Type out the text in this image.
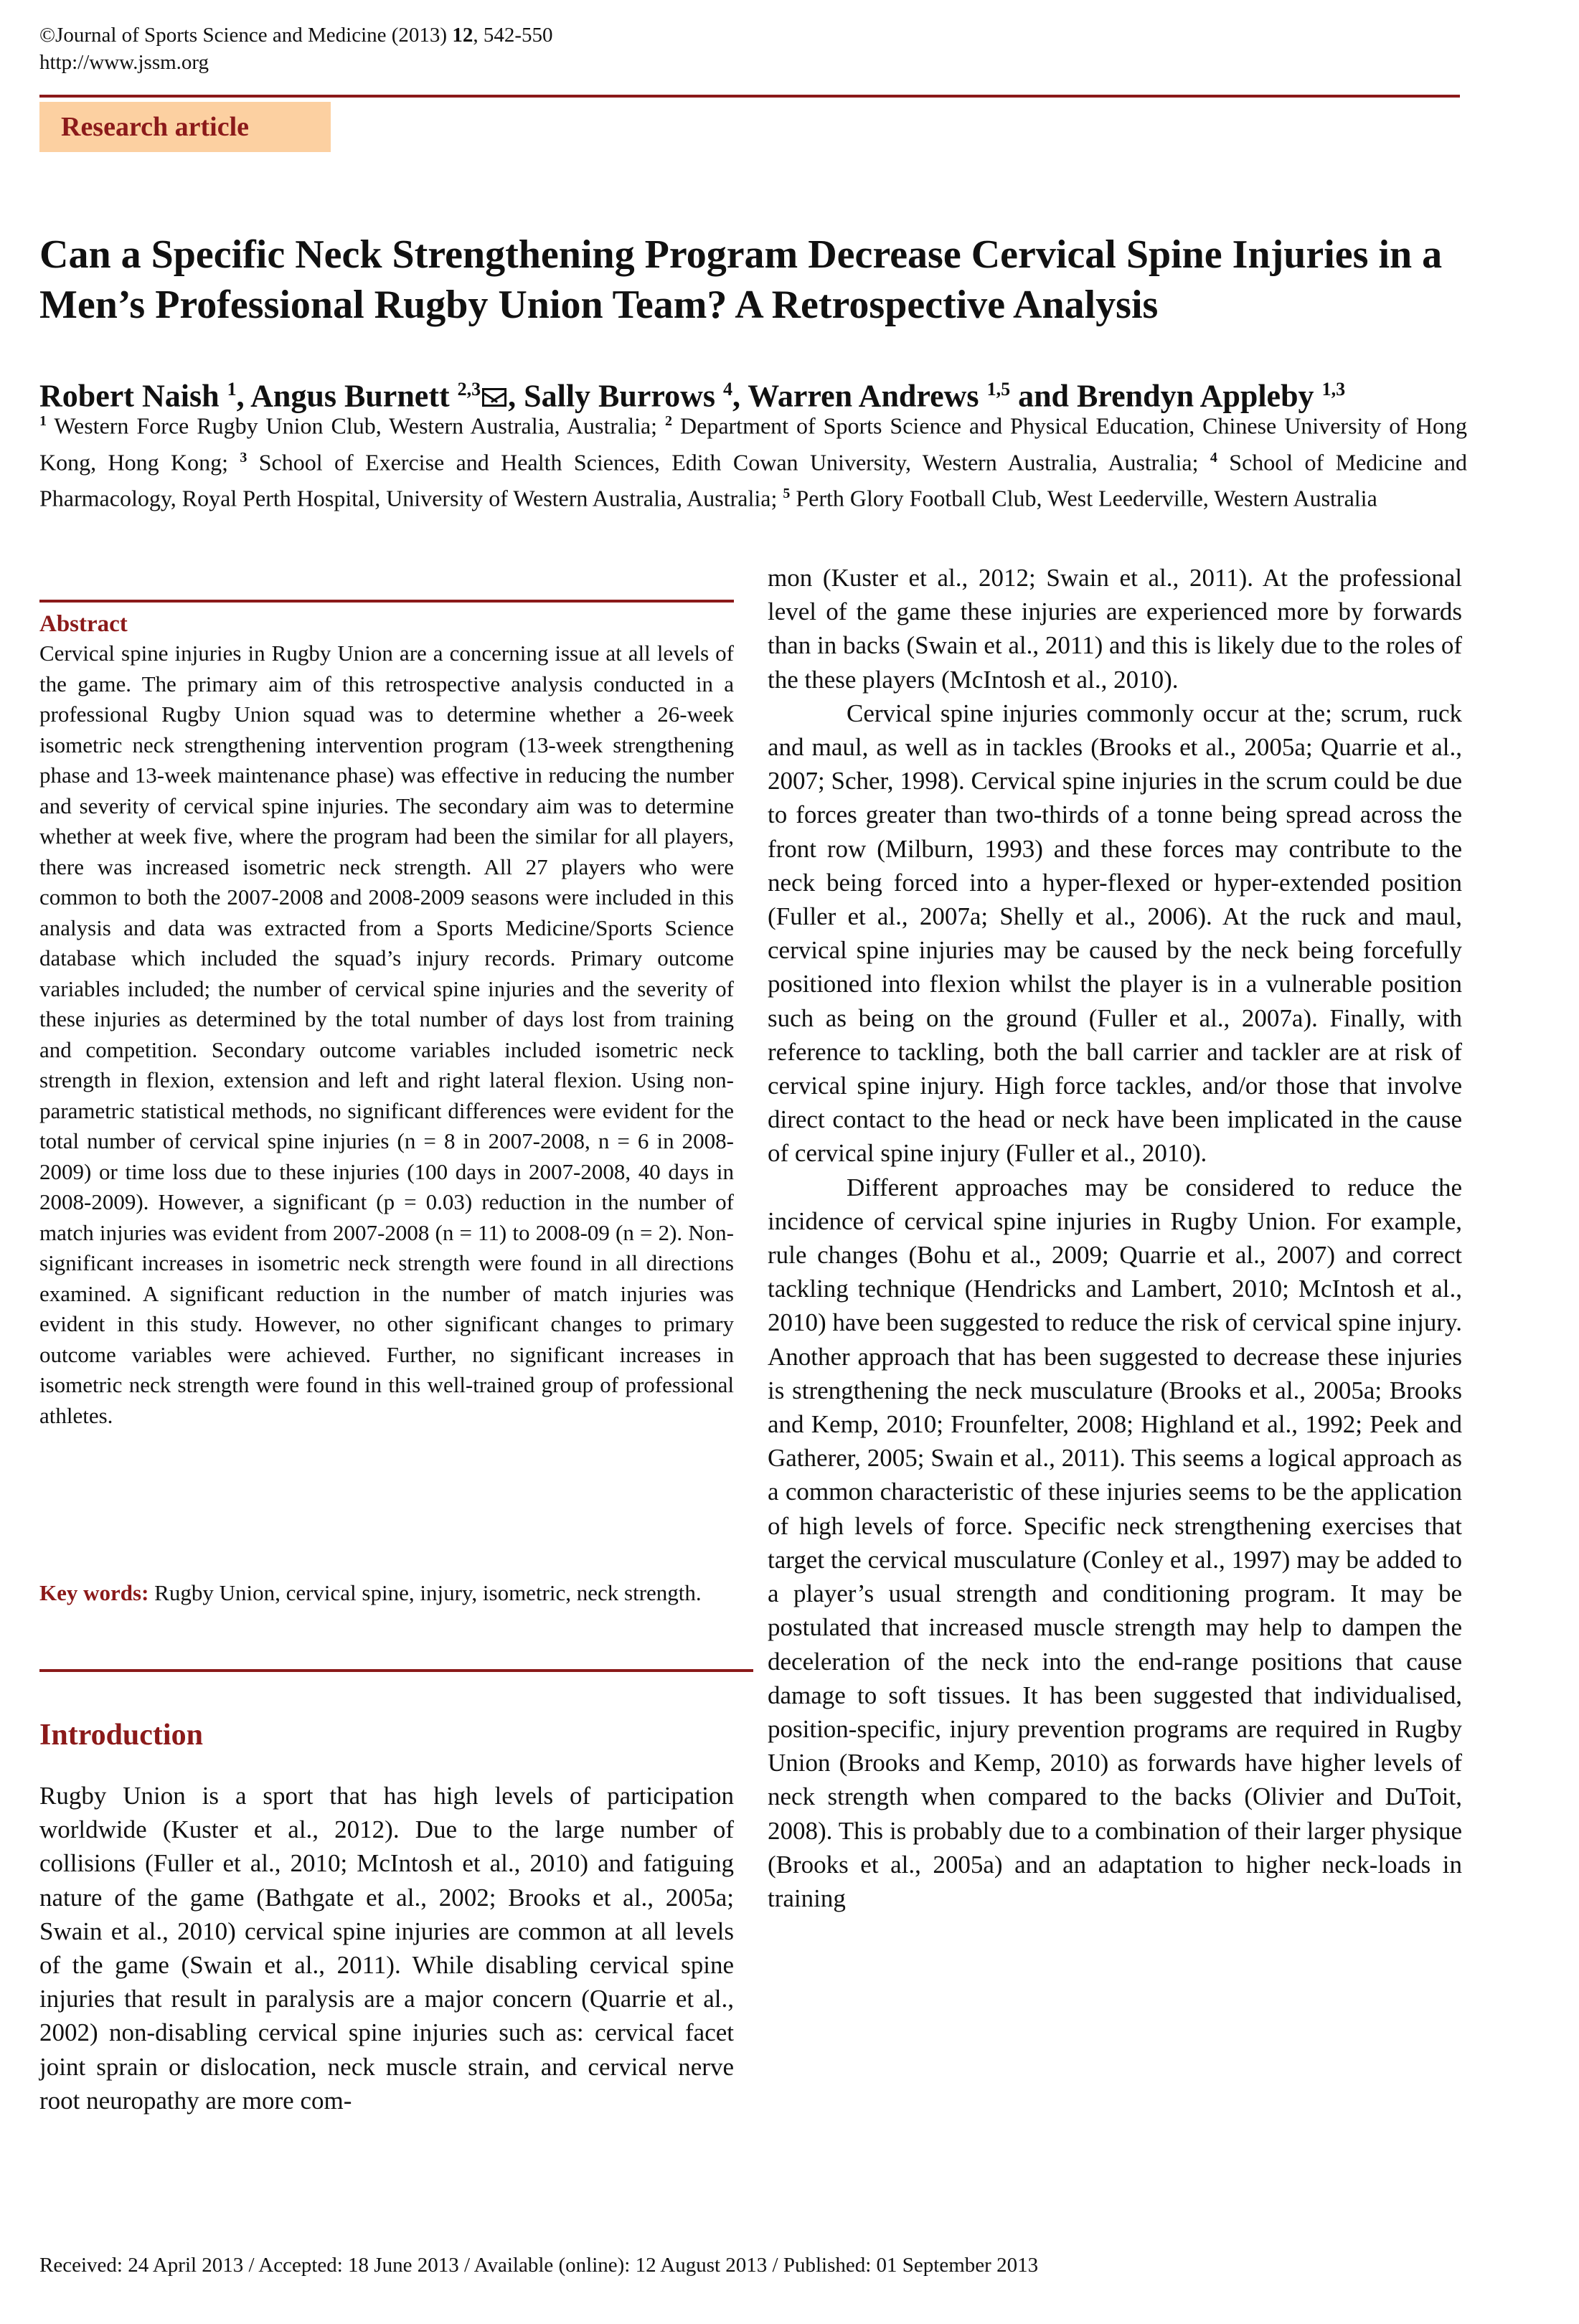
©Journal of Sports Science and Medicine (2013) 12, 542-550
http://www.jssm.org
Research article
Can a Specific Neck Strengthening Program Decrease Cervical Spine Injuries in a Men’s Professional Rugby Union Team? A Retrospective Analysis
Robert Naish $^1$, Angus Burnett $^{2,3}$ , Sally Burrows $^4$, Warren Andrews $^{1,5}$ and Brendyn Appleby $^{1,3}$
$^1$ Western Force Rugby Union Club, Western Australia, Australia; $^2$ Department of Sports Science and Physical Education, Chinese University of Hong Kong, Hong Kong; $^3$ School of Exercise and Health Sciences, Edith Cowan University, Western Australia, Australia; $^4$ School of Medicine and Pharmacology, Royal Perth Hospital, University of Western Australia, Australia; $^5$ Perth Glory Football Club, West Leederville, Western Australia
Abstract

Cervical spine injuries in Rugby Union are a concerning issue at all levels of the game. The primary aim of this retrospective analysis conducted in a professional Rugby Union squad was to determine whether a 26-week isometric neck strengthening intervention program (13-week strengthening phase and 13-week maintenance phase) was effective in reducing the number and severity of cervical spine injuries. The secondary aim was to determine whether at week five, where the program had been the similar for all players, there was increased isometric neck strength. All 27 players who were common to both the 2007-2008 and 2008-2009 seasons were included in this analysis and data was extracted from a Sports Medicine/Sports Science database which included the squad’s injury records. Primary outcome variables included; the number of cervical spine injuries and the severity of these injuries as determined by the total number of days lost from training and competition. Secondary outcome variables included isometric neck strength in flexion, extension and left and right lateral flexion. Using non-parametric statistical methods, no significant differences were evident for the total number of cervical spine injuries (n = 8 in 2007-2008, n = 6 in 2008-2009) or time loss due to these injuries (100 days in 2007-2008, 40 days in 2008-2009). However, a significant (p = 0.03) reduction in the number of match injuries was evident from 2007-2008 (n = 11) to 2008-09 (n = 2). Non-significant increases in isometric neck strength were found in all directions examined. A significant reduction in the number of match injuries was evident in this study. However, no other significant changes to primary outcome variables were achieved. Further, no significant increases in isometric neck strength were found in this well-trained group of professional athletes.

Key words: Rugby Union, cervical spine, injury, isometric, neck strength.
Introduction

Rugby Union is a sport that has high levels of participation worldwide (Kuster et al., 2012). Due to the large number of collisions (Fuller et al., 2010; McIntosh et al., 2010) and fatiguing nature of the game (Bathgate et al., 2002; Brooks et al., 2005a; Swain et al., 2010) cervical spine injuries are common at all levels of the game (Swain et al., 2011). While disabling cervical spine injuries that result in paralysis are a major concern (Quarrie et al., 2002) non-disabling cervical spine injuries such as: cervical facet joint sprain or dislocation, neck muscle strain, and cervical nerve root neuropathy are more com-

mon (Kuster et al., 2012; Swain et al., 2011). At the professional level of the game these injuries are experienced more by forwards than in backs (Swain et al., 2011) and this is likely due to the roles of the these players (McIntosh et al., 2010).

Cervical spine injuries commonly occur at the; scrum, ruck and maul, as well as in tackles (Brooks et al., 2005a; Quarrie et al., 2007; Scher, 1998). Cervical spine injuries in the scrum could be due to forces greater than two-thirds of a tonne being spread across the front row (Milburn, 1993) and these forces may contribute to the neck being forced into a hyper-flexed or hyper-extended position (Fuller et al., 2007a; Shelly et al., 2006). At the ruck and maul, cervical spine injuries may be caused by the neck being forcefully positioned into flexion whilst the player is in a vulnerable position such as being on the ground (Fuller et al., 2007a). Finally, with reference to tackling, both the ball carrier and tackler are at risk of cervical spine injury. High force tackles, and/or those that involve direct contact to the head or neck have been implicated in the cause of cervical spine injury (Fuller et al., 2010).

Different approaches may be considered to reduce the incidence of cervical spine injuries in Rugby Union. For example, rule changes (Bohu et al., 2009; Quarrie et al., 2007) and correct tackling technique (Hendricks and Lambert, 2010; McIntosh et al., 2010) have been suggested to reduce the risk of cervical spine injury. Another approach that has been suggested to decrease these injuries is strengthening the neck musculature (Brooks et al., 2005a; Brooks and Kemp, 2010; Frounfelter, 2008; Highland et al., 1992; Peek and Gatherer, 2005; Swain et al., 2011). This seems a logical approach as a common characteristic of these injuries seems to be the application of high levels of force. Specific neck strengthening exercises that target the cervical musculature (Conley et al., 1997) may be added to a player’s usual strength and conditioning program. It may be postulated that increased muscle strength may help to dampen the deceleration of the neck into the end-range positions that cause damage to soft tissues. It has been suggested that individualised, position-specific, injury prevention programs are required in Rugby Union (Brooks and Kemp, 2010) as forwards have higher levels of neck strength when compared to the backs (Olivier and DuToit, 2008). This is probably due to a combination of their larger physique (Brooks et al., 2005a) and an adaptation to higher neck-loads in training

Received: 24 April 2013 / Accepted: 18 June 2013 / Available (online): 12 August 2013 / Published: 01 September 2013
